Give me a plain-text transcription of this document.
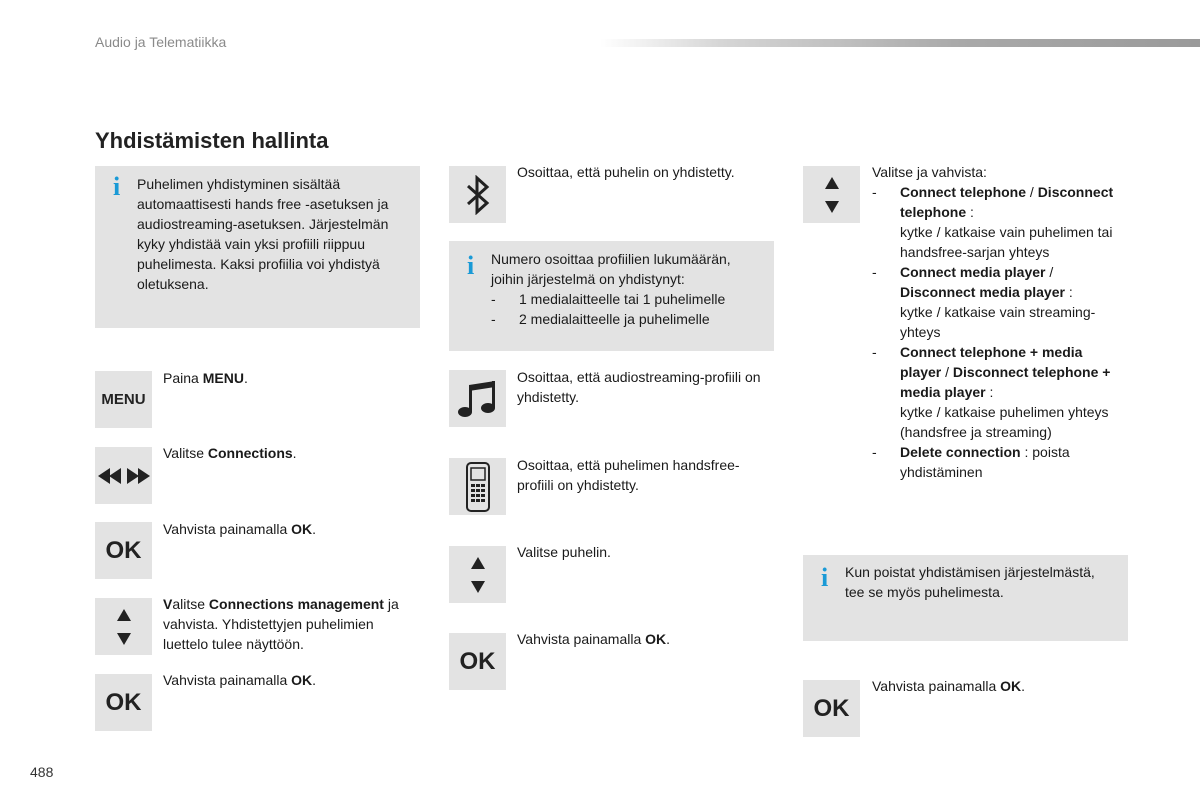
Audio ja Telematiikka
Yhdistämisten hallinta
i Puhelimen yhdistyminen sisältää automaattisesti hands free -asetuksen ja audiostreaming-asetuksen. Järjestelmän kyky yhdistää vain yksi profiili riippuu puhelimesta. Kaksi profiilia voi yhdistyä oletuksena.
MENU
Paina MENU.
Valitse Connections.
OK
Vahvista painamalla OK.
Valitse Connections management ja vahvista. Yhdistettyjen puhelimien luettelo tulee näyttöön.
OK
Vahvista painamalla OK.
Osoittaa, että puhelin on yhdistetty.
i Numero osoittaa profiilien lukumäärän, joihin järjestelmä on yhdistynyt:
- 1 medialaitteelle tai 1 puhelimelle
- 2 medialaitteelle ja puhelimelle
Osoittaa, että audiostreaming-profiili on yhdistetty.
Osoittaa, että puhelimen handsfree-profiili on yhdistetty.
Valitse puhelin.
OK
Vahvista painamalla OK.
Valitse ja vahvista:
- Connect telephone / Disconnect telephone :
kytke / katkaise vain puhelimen tai handsfree-sarjan yhteys
- Connect media player / Disconnect media player :
kytke / katkaise vain streaming-yhteys
- Connect telephone + media player / Disconnect telephone + media player :
kytke / katkaise puhelimen yhteys (handsfree ja streaming)
- Delete connection : poista yhdistäminen
i Kun poistat yhdistämisen järjestelmästä, tee se myös puhelimesta.
OK
Vahvista painamalla OK.
488
